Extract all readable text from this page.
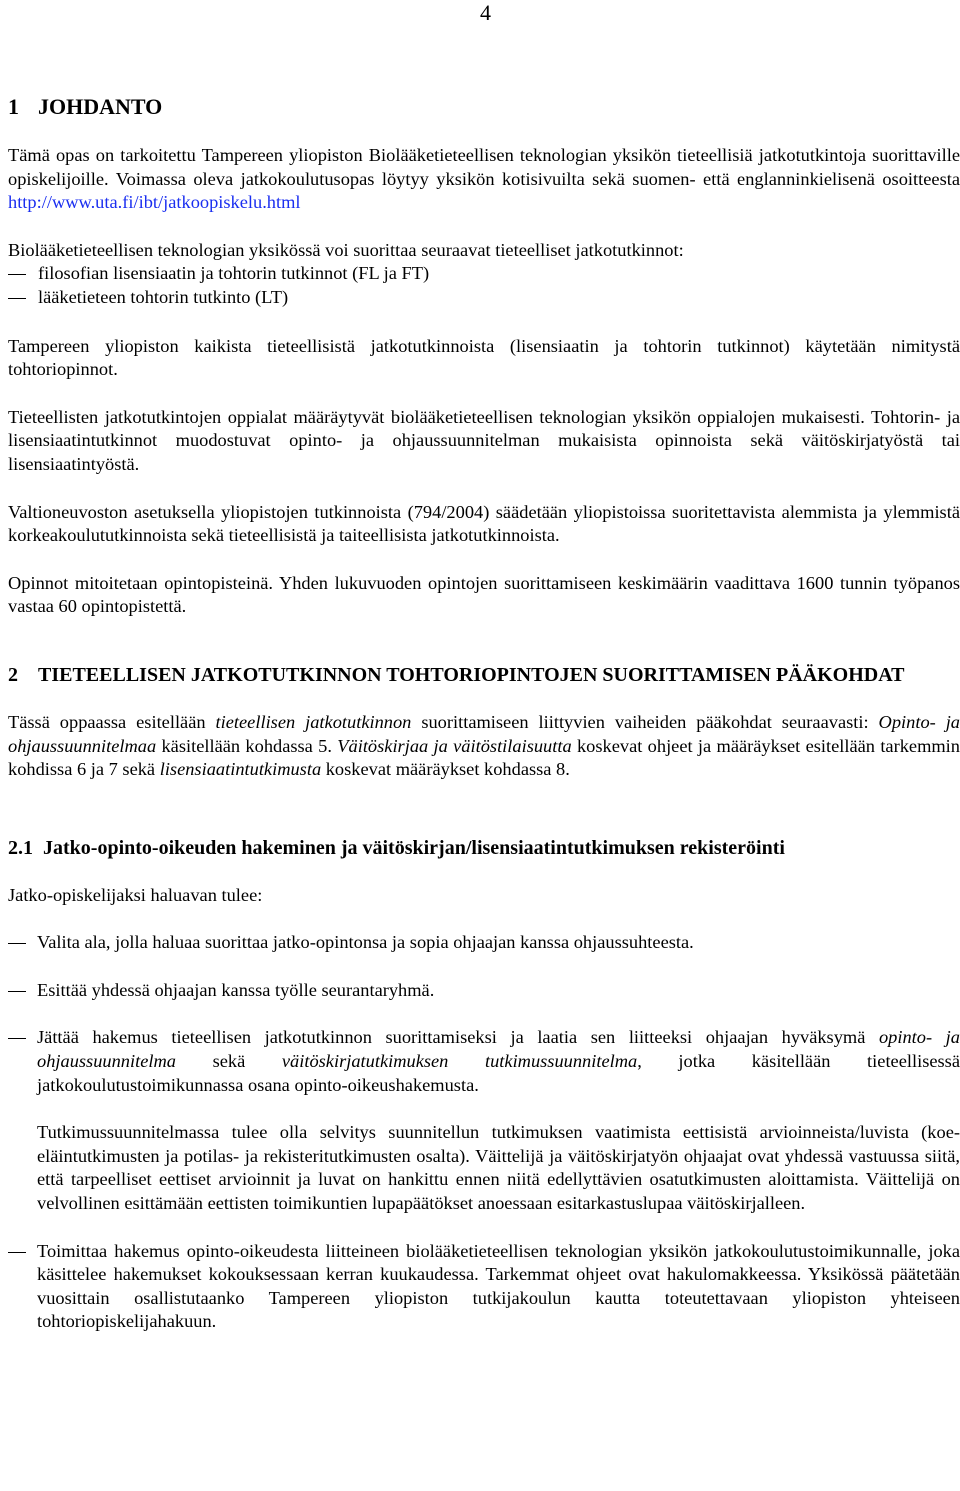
4
1 JOHDANTO

Tämä opas on tarkoitettu Tampereen yliopiston Biolääketieteellisen teknologian yksikön tieteellisiä jatkotutkintoja suorittaville opiskelijoille. Voimassa oleva jatkokoulutusopas löytyy yksikön kotisivuilta sekä suomen- että englanninkielisenä osoitteesta http://www.uta.fi/ibt/jatkoopiskelu.html

Biolääketieteellisen teknologian yksikössä voi suorittaa seuraavat tieteelliset jatkotutkinnot:

filosofian lisensiaatin ja tohtorin tutkinnot (FL ja FT)
lääketieteen tohtorin tutkinto (LT)

Tampereen yliopiston kaikista tieteellisistä jatkotutkinnoista (lisensiaatin ja tohtorin tutkinnot) käytetään nimitystä tohtoriopinnot.

Tieteellisten jatkotutkintojen oppialat määräytyvät biolääketieteellisen teknologian yksikön oppialojen mukaisesti. Tohtorin- ja lisensiaatintutkinnot muodostuvat opinto- ja ohjaussuunnitelman mukaisista opinnoista sekä väitöskirjatyöstä tai lisensiaatintyöstä.

Valtioneuvoston asetuksella yliopistojen tutkinnoista (794/2004) säädetään yliopistoissa suoritettavista alemmista ja ylemmistä korkeakoulututkinnoista sekä tieteellisistä ja taiteellisista jatkotutkinnoista.

Opinnot mitoitetaan opintopisteinä. Yhden lukuvuoden opintojen suorittamiseen keskimäärin vaadittava 1600 tunnin työpanos vastaa 60 opintopistettä.

2 TIETEELLISEN JATKOTUTKINNON TOHTORIOPINTOJEN SUORITTAMISEN PÄÄKOHDAT

Tässä oppaassa esitellään tieteellisen jatkotutkinnon suorittamiseen liittyvien vaiheiden pääkohdat seuraavasti: Opinto- ja ohjaussuunnitelmaa käsitellään kohdassa 5. Väitöskirjaa ja väitöstilaisuutta koskevat ohjeet ja määräykset esitellään tarkemmin kohdissa 6 ja 7 sekä lisensiaatintutkimusta koskevat määräykset kohdassa 8.

2.1 Jatko-opinto-oikeuden hakeminen ja väitöskirjan/lisensiaatintutkimuksen rekisteröinti

Jatko-opiskelijaksi haluavan tulee:

Valita ala, jolla haluaa suorittaa jatko-opintonsa ja sopia ohjaajan kanssa ohjaussuhteesta.
Esittää yhdessä ohjaajan kanssa työlle seurantaryhmä.

Jättää hakemus tieteellisen jatkotutkinnon suorittamiseksi ja laatia sen liitteeksi ohjaajan hyväksymä opinto- ja ohjaussuunnitelma sekä väitöskirjatutkimuksen tutkimussuunnitelma, jotka käsitellään tieteellisessä jatkokoulutustoimikunnassa osana opinto-oikeushakemusta.

Tutkimussuunnitelmassa tulee olla selvitys suunnitellun tutkimuksen vaatimista eettisistä arvioinneista/luvista (koe-eläintutkimusten ja potilas- ja rekisteritutkimusten osalta). Väittelijä ja väitöskirjatyön ohjaajat ovat yhdessä vastuussa siitä, että tarpeelliset eettiset arvioinnit ja luvat on hankittu ennen niitä edellyttävien osatutkimusten aloittamista. Väittelijä on velvollinen esittämään eettisten toimikuntien lupapäätökset anoessaan esitarkastuslupaa väitöskirjalleen.

Toimittaa hakemus opinto-oikeudesta liitteineen biolääketieteellisen teknologian yksikön jatkokoulutustoimikunnalle, joka käsittelee hakemukset kokouksessaan kerran kuukaudessa. Tarkemmat ohjeet ovat hakulomakkeessa. Yksikössä päätetään vuosittain osallistutaanko Tampereen yliopiston tutkijakoulun kautta toteutettavaan yliopiston yhteiseen tohtoriopiskelijahakuun.
